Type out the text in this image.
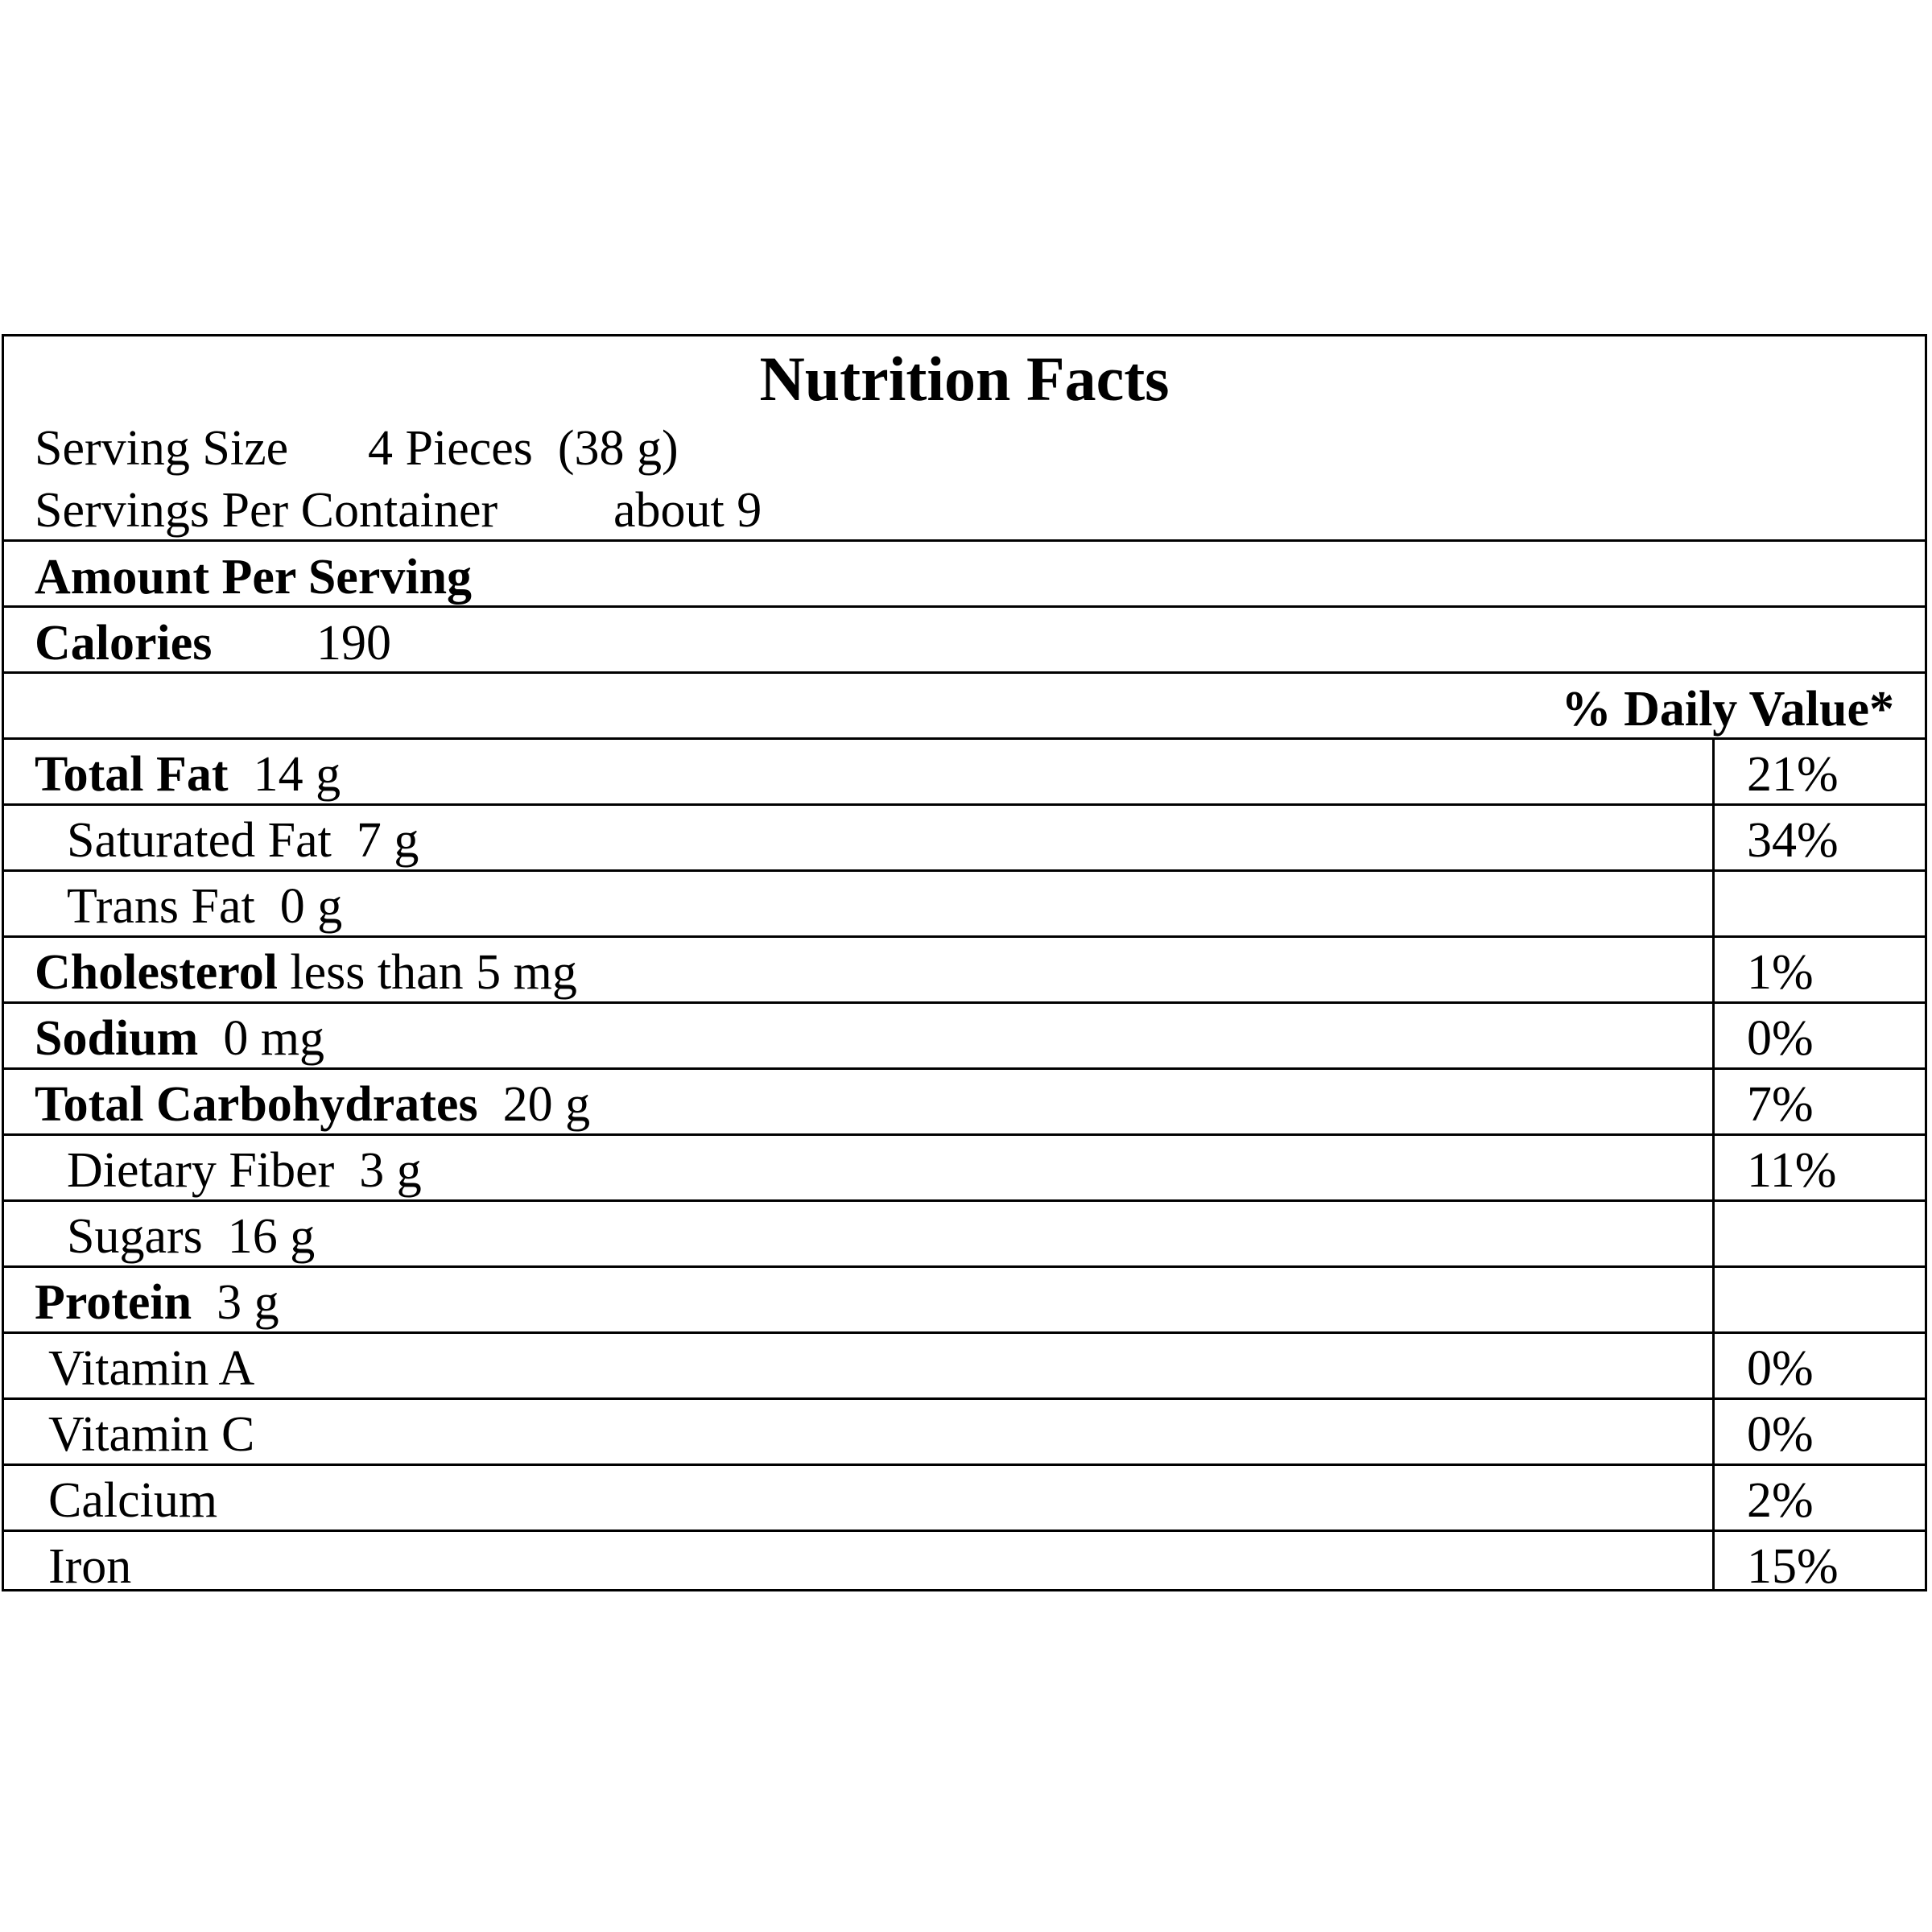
Nutrition Facts
Serving Size 4 Pieces  (38 g)
Servings Per Container about 9
Amount Per Serving
Calories 190
% Daily Value*
Total Fat  14 g	21%
Saturated Fat  7 g	34%
Trans Fat  0 g
Cholesterol less than 5 mg	1%
Sodium  0 mg	0%
Total Carbohydrates  20 g	7%
Dietary Fiber  3 g	11%
Sugars  16 g
Protein  3 g
Vitamin A	0%
Vitamin C	0%
Calcium	2%
Iron	15%
